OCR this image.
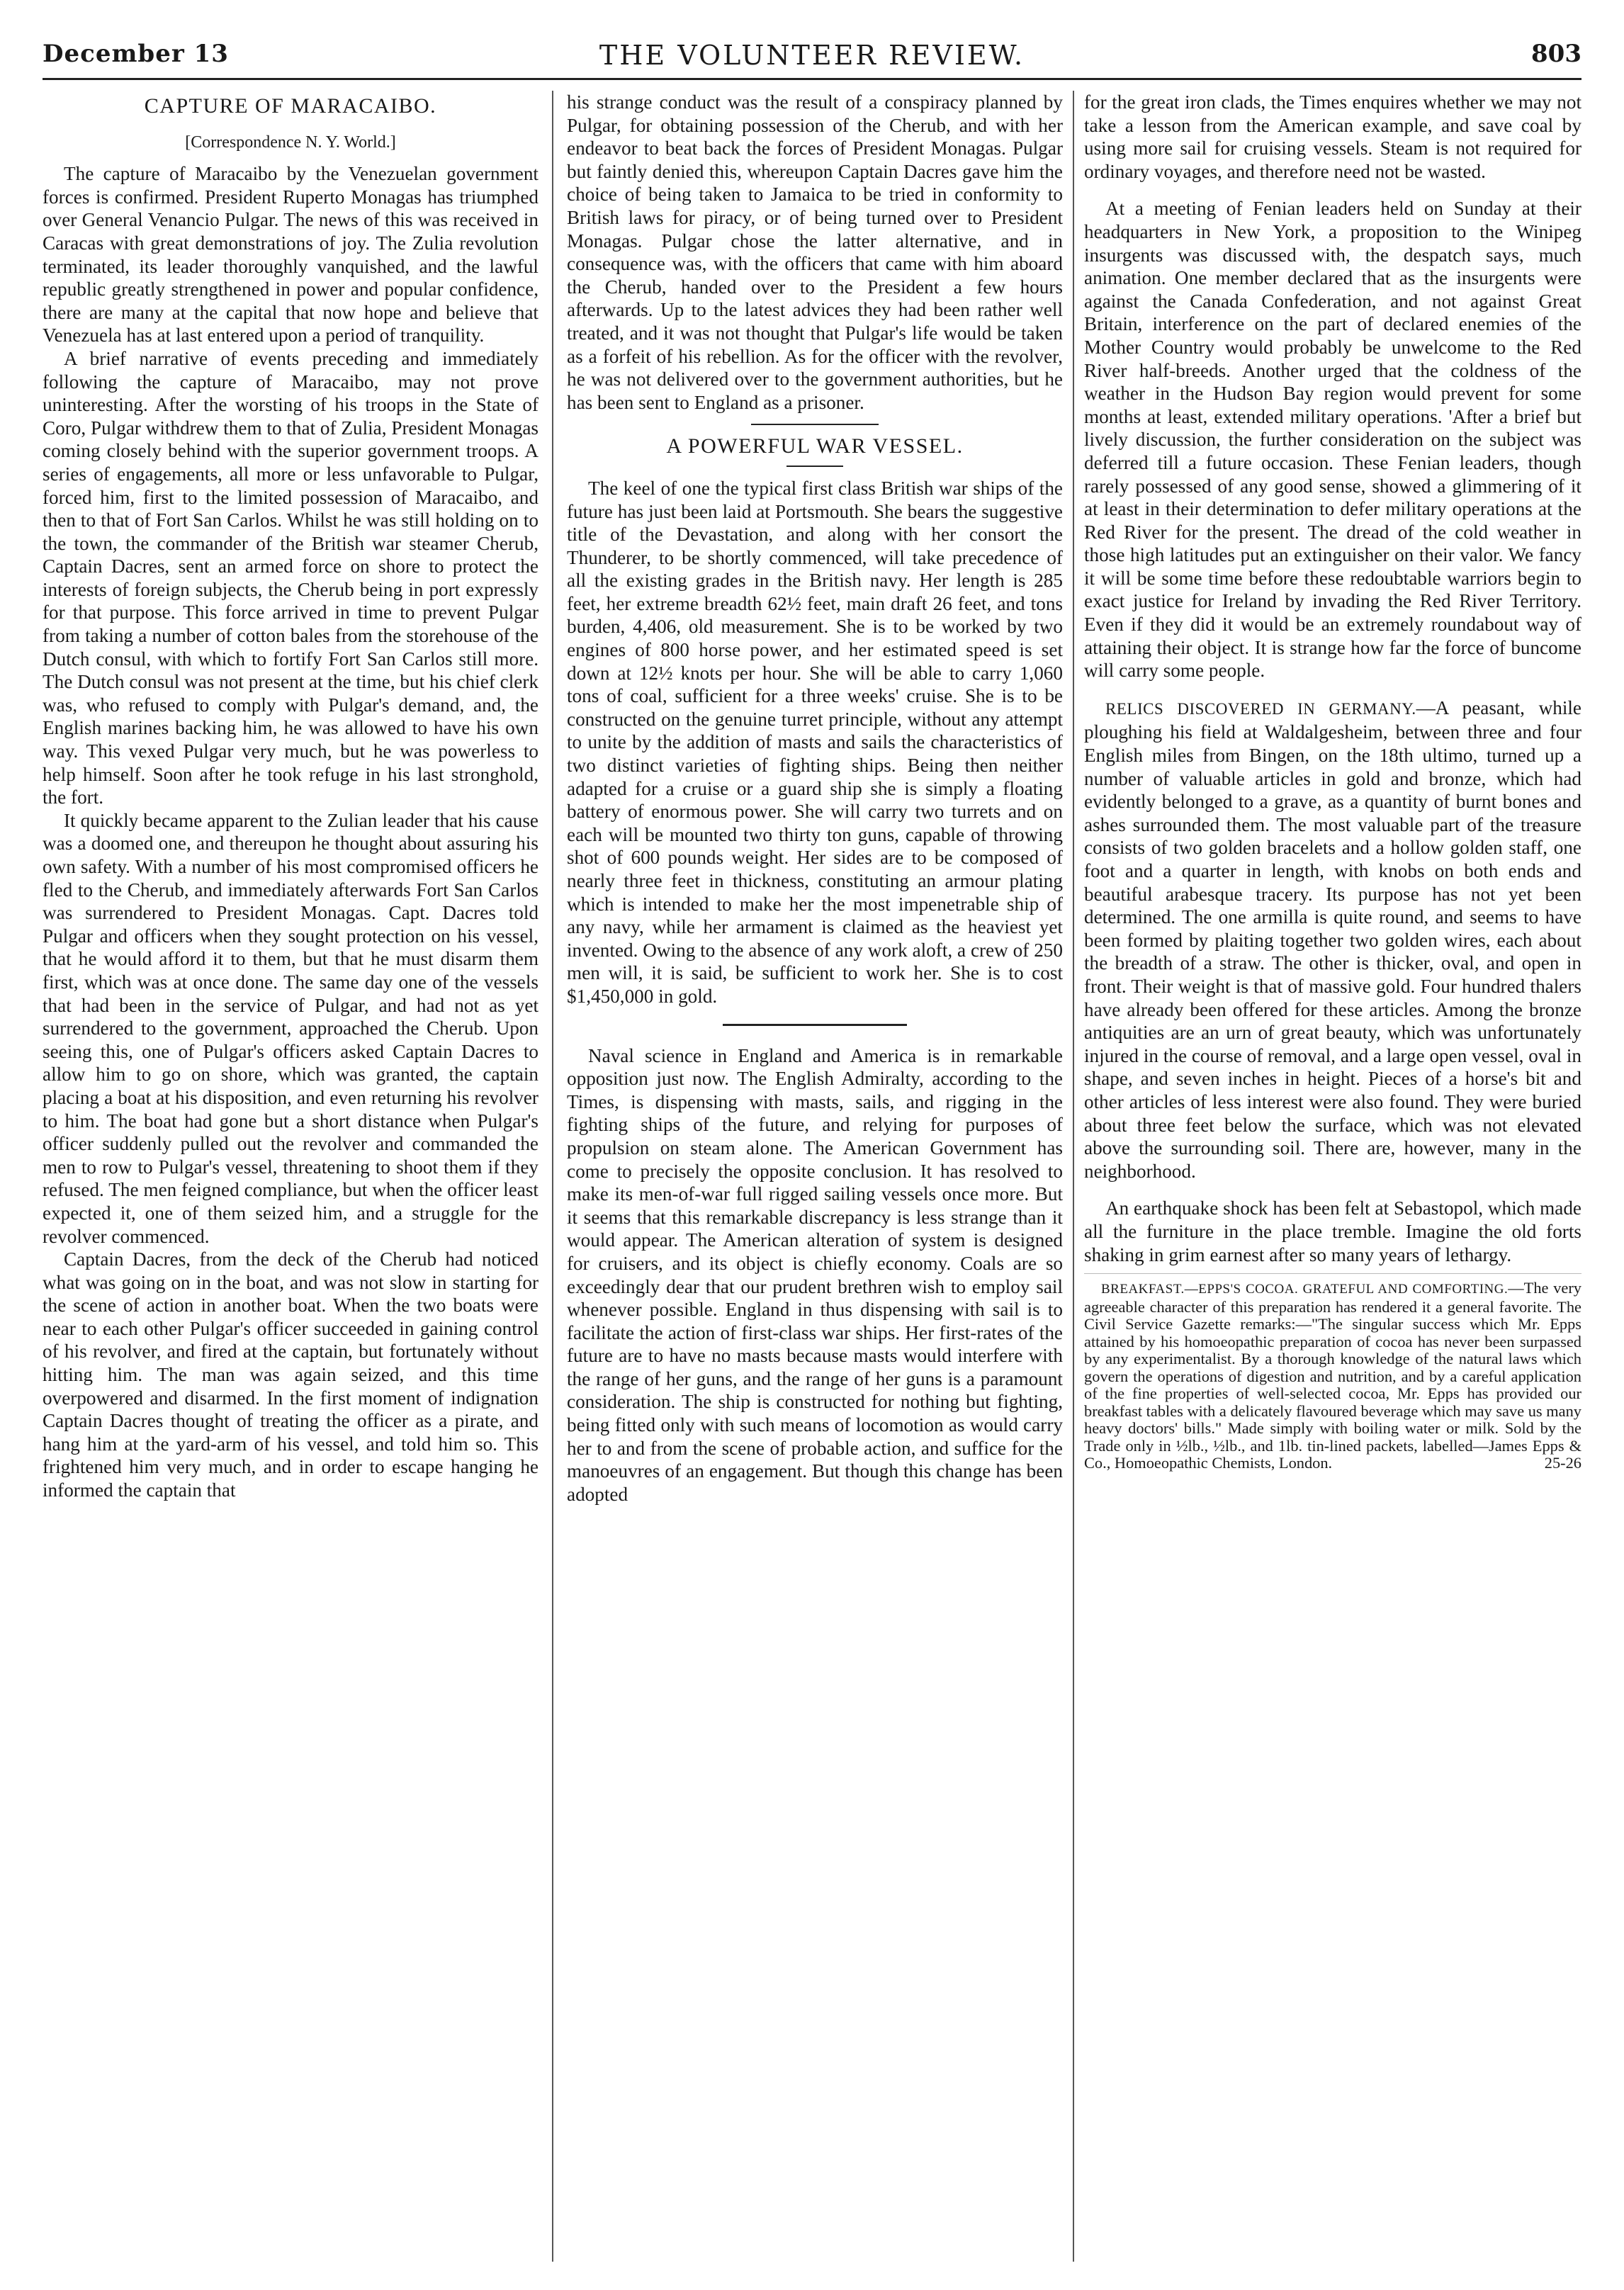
December 13	THE VOLUNTEER REVIEW.	803
CAPTURE OF MARACAIBO.
[Correspondence N. Y. World.]

The capture of Maracaibo by the Venezuelan government forces is confirmed. President Ruperto Monagas has triumphed over General Venancio Pulgar. The news of this was received in Caracas with great demonstrations of joy. The Zulia revolution terminated, its leader thoroughly vanquished, and the lawful republic greatly strengthened in power and popular confidence, there are many at the capital that now hope and believe that Venezuela has at last entered upon a period of tranquility.

A brief narrative of events preceding and immediately following the capture of Maracaibo, may not prove uninteresting. After the worsting of his troops in the State of Coro, Pulgar withdrew them to that of Zulia, President Monagas coming closely behind with the superior government troops. A series of engagements, all more or less unfavorable to Pulgar, forced him, first to the limited possession of Maracaibo, and then to that of Fort San Carlos. Whilst he was still holding on to the town, the commander of the British war steamer Cherub, Captain Dacres, sent an armed force on shore to protect the interests of foreign subjects, the Cherub being in port expressly for that purpose. This force arrived in time to prevent Pulgar from taking a number of cotton bales from the storehouse of the Dutch consul, with which to fortify Fort San Carlos still more. The Dutch consul was not present at the time, but his chief clerk was, who refused to comply with Pulgar's demand, and, the English marines backing him, he was allowed to have his own way. This vexed Pulgar very much, but he was powerless to help himself. Soon after he took refuge in his last stronghold, the fort.

It quickly became apparent to the Zulian leader that his cause was a doomed one, and thereupon he thought about assuring his own safety. With a number of his most compromised officers he fled to the Cherub, and immediately afterwards Fort San Carlos was surrendered to President Monagas. Capt. Dacres told Pulgar and officers when they sought protection on his vessel, that he would afford it to them, but that he must disarm them first, which was at once done. The same day one of the vessels that had been in the service of Pulgar, and had not as yet surrendered to the government, approached the Cherub. Upon seeing this, one of Pulgar's officers asked Captain Dacres to allow him to go on shore, which was granted, the captain placing a boat at his disposition, and even returning his revolver to him. The boat had gone but a short distance when Pulgar's officer suddenly pulled out the revolver and commanded the men to row to Pulgar's vessel, threatening to shoot them if they refused. The men feigned compliance, but when the officer least expected it, one of them seized him, and a struggle for the revolver commenced.

Captain Dacres, from the deck of the Cherub had noticed what was going on in the boat, and was not slow in starting for the scene of action in another boat. When the two boats were near to each other Pulgar's officer succeeded in gaining control of his revolver, and fired at the captain, but fortunately without hitting him. The man was again seized, and this time overpowered and disarmed. In the first moment of indignation Captain Dacres thought of treating the officer as a pirate, and hang him at the yard-arm of his vessel, and told him so. This frightened him very much, and in order to escape hanging he informed the captain that

his strange conduct was the result of a conspiracy planned by Pulgar, for obtaining possession of the Cherub, and with her endeavor to beat back the forces of President Monagas. Pulgar but faintly denied this, whereupon Captain Dacres gave him the choice of being taken to Jamaica to be tried in conformity to British laws for piracy, or of being turned over to President Monagas. Pulgar chose the latter alternative, and in consequence was, with the officers that came with him aboard the Cherub, handed over to the President a few hours afterwards. Up to the latest advices they had been rather well treated, and it was not thought that Pulgar's life would be taken as a forfeit of his rebellion. As for the officer with the revolver, he was not delivered over to the government authorities, but he has been sent to England as a prisoner.

A POWERFUL WAR VESSEL.

The keel of one the typical first class British war ships of the future has just been laid at Portsmouth. She bears the suggestive title of the Devastation, and along with her consort the Thunderer, to be shortly commenced, will take precedence of all the existing grades in the British navy. Her length is 285 feet, her extreme breadth 62½ feet, main draft 26 feet, and tons burden, 4,406, old measurement. She is to be worked by two engines of 800 horse power, and her estimated speed is set down at 12½ knots per hour. She will be able to carry 1,060 tons of coal, sufficient for a three weeks' cruise. She is to be constructed on the genuine turret principle, without any attempt to unite by the addition of masts and sails the characteristics of two distinct varieties of fighting ships. Being then neither adapted for a cruise or a guard ship she is simply a floating battery of enormous power. She will carry two turrets and on each will be mounted two thirty ton guns, capable of throwing shot of 600 pounds weight. Her sides are to be composed of nearly three feet in thickness, constituting an armour plating which is intended to make her the most impenetrable ship of any navy, while her armament is claimed as the heaviest yet invented. Owing to the absence of any work aloft, a crew of 250 men will, it is said, be sufficient to work her. She is to cost $1,450,000 in gold.

Naval science in England and America is in remarkable opposition just now. The English Admiralty, according to the Times, is dispensing with masts, sails, and rigging in the fighting ships of the future, and relying for purposes of propulsion on steam alone. The American Government has come to precisely the opposite conclusion. It has resolved to make its men-of-war full rigged sailing vessels once more. But it seems that this remarkable discrepancy is less strange than it would appear. The American alteration of system is designed for cruisers, and its object is chiefly economy. Coals are so exceedingly dear that our prudent brethren wish to employ sail whenever possible. England in thus dispensing with sail is to facilitate the action of first-class war ships. Her first-rates of the future are to have no masts because masts would interfere with the range of her guns, and the range of her guns is a paramount consideration. The ship is constructed for nothing but fighting, being fitted only with such means of locomotion as would carry her to and from the scene of probable action, and suffice for the manoeuvres of an engagement. But though this change has been adopted

for the great iron clads, the Times enquires whether we may not take a lesson from the American example, and save coal by using more sail for cruising vessels. Steam is not required for ordinary voyages, and therefore need not be wasted.

At a meeting of Fenian leaders held on Sunday at their headquarters in New York, a proposition to the Winipeg insurgents was discussed with, the despatch says, much animation. One member declared that as the insurgents were against the Canada Confederation, and not against Great Britain, interference on the part of declared enemies of the Mother Country would probably be unwelcome to the Red River half-breeds. Another urged that the coldness of the weather in the Hudson Bay region would prevent for some months at least, extended military operations. 'After a brief but lively discussion, the further consideration on the subject was deferred till a future occasion. These Fenian leaders, though rarely possessed of any good sense, showed a glimmering of it at least in their determination to defer military operations at the Red River for the present. The dread of the cold weather in those high latitudes put an extinguisher on their valor. We fancy it will be some time before these redoubtable warriors begin to exact justice for Ireland by invading the Red River Territory. Even if they did it would be an extremely roundabout way of attaining their object. It is strange how far the force of buncome will carry some people.

RELICS DISCOVERED IN GERMANY.—A peasant, while ploughing his field at Waldalgesheim, between three and four English miles from Bingen, on the 18th ultimo, turned up a number of valuable articles in gold and bronze, which had evidently belonged to a grave, as a quantity of burnt bones and ashes surrounded them. The most valuable part of the treasure consists of two golden bracelets and a hollow golden staff, one foot and a quarter in length, with knobs on both ends and beautiful arabesque tracery. Its purpose has not yet been determined. The one armilla is quite round, and seems to have been formed by plaiting together two golden wires, each about the breadth of a straw. The other is thicker, oval, and open in front. Their weight is that of massive gold. Four hundred thalers have already been offered for these articles. Among the bronze antiquities are an urn of great beauty, which was unfortunately injured in the course of removal, and a large open vessel, oval in shape, and seven inches in height. Pieces of a horse's bit and other articles of less interest were also found. They were buried about three feet below the surface, which was not elevated above the surrounding soil. There are, however, many in the neighborhood.

An earthquake shock has been felt at Sebastopol, which made all the furniture in the place tremble. Imagine the old forts shaking in grim earnest after so many years of lethargy.

BREAKFAST.—EPPS'S COCOA. GRATEFUL AND COMFORTING.—The very agreeable character of this preparation has rendered it a general favorite. The Civil Service Gazette remarks:—"The singular success which Mr. Epps attained by his homoeopathic preparation of cocoa has never been surpassed by any experimentalist. By a thorough knowledge of the natural laws which govern the operations of digestion and nutrition, and by a careful application of the fine properties of well-selected cocoa, Mr. Epps has provided our breakfast tables with a delicately flavoured beverage which may save us many heavy doctors' bills." Made simply with boiling water or milk. Sold by the Trade only in ½lb., ½lb., and 1lb. tin-lined packets, labelled—James Epps & Co., Homoeopathic Chemists, London.	25-26
